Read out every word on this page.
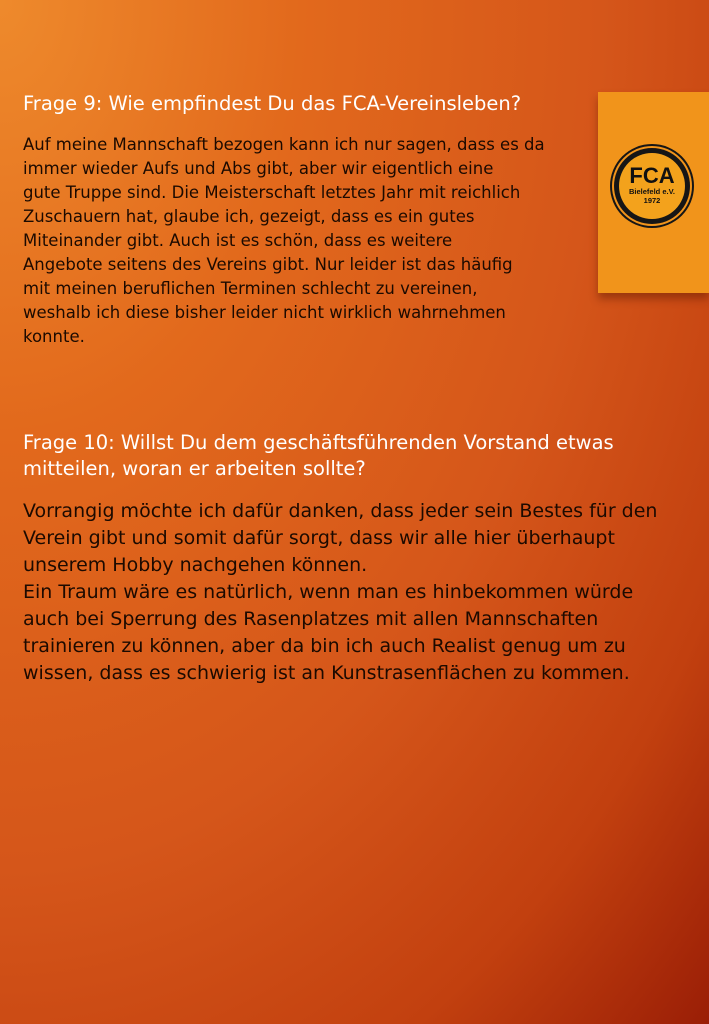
Frage 9: Wie empfindest Du das FCA-Vereinsleben?

Auf meine Mannschaft bezogen kann ich nur sagen, dass es da
immer wieder Aufs und Abs gibt, aber wir eigentlich eine
gute Truppe sind. Die Meisterschaft letztes Jahr mit reichlich
Zuschauern hat, glaube ich, gezeigt, dass es ein gutes
Miteinander gibt. Auch ist es schön, dass es weitere
Angebote seitens des Vereins gibt. Nur leider ist das häufig
mit meinen beruflichen Terminen schlecht zu vereinen,
weshalb ich diese bisher leider nicht wirklich wahrnehmen
konnte.

FCA
Bielefeld e.V.
1972
Frage 10: Willst Du dem geschäftsführenden Vorstand etwas
mitteilen, woran er arbeiten sollte?

Vorrangig möchte ich dafür danken, dass jeder sein Bestes für den
Verein gibt und somit dafür sorgt, dass wir alle hier überhaupt
unserem Hobby nachgehen können.
Ein Traum wäre es natürlich, wenn man es hinbekommen würde
auch bei Sperrung des Rasenplatzes mit allen Mannschaften
trainieren zu können, aber da bin ich auch Realist genug um zu
wissen, dass es schwierig ist an Kunstrasenflächen zu kommen.
